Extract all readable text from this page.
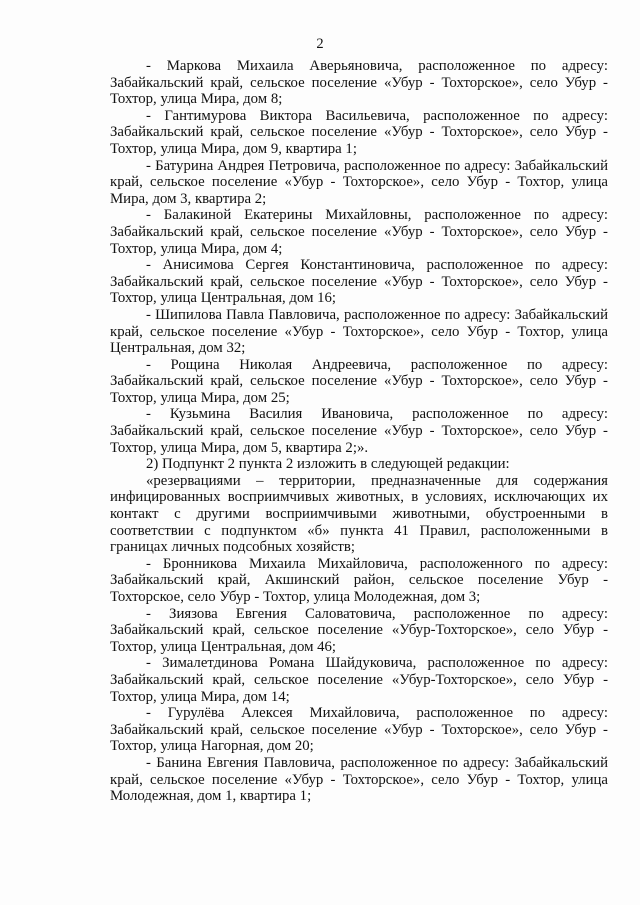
2

- Маркова Михаила Аверьяновича, расположенное по адресу: Забайкальский край, сельское поселение «Убур - Тохторское», село Убур - Тохтор, улица Мира, дом 8;

- Гантимурова Виктора Васильевича, расположенное по адресу: Забайкальский край, сельское поселение «Убур - Тохторское», село Убур - Тохтор, улица Мира, дом 9, квартира 1;

- Батурина Андрея Петровича, расположенное по адресу: Забайкальский край, сельское поселение «Убур - Тохторское», село Убур - Тохтор, улица Мира, дом 3, квартира 2;

- Балакиной Екатерины Михайловны, расположенное по адресу: Забайкальский край, сельское поселение «Убур - Тохторское», село Убур - Тохтор, улица Мира, дом 4;

- Анисимова Сергея Константиновича, расположенное по адресу: Забайкальский край, сельское поселение «Убур - Тохторское», село Убур - Тохтор, улица Центральная, дом 16;

- Шипилова Павла Павловича, расположенное по адресу: Забайкальский край, сельское поселение «Убур - Тохторское», село Убур - Тохтор, улица Центральная, дом 32;

- Рощина Николая Андреевича, расположенное по адресу: Забайкальский край, сельское поселение «Убур - Тохторское», село Убур - Тохтор, улица Мира, дом 25;

- Кузьмина Василия Ивановича, расположенное по адресу: Забайкальский край, сельское поселение «Убур - Тохторское», село Убур - Тохтор, улица Мира, дом 5, квартира 2;».

2) Подпункт 2 пункта 2 изложить в следующей редакции:

«резервациями – территории, предназначенные для содержания инфицированных восприимчивых животных, в условиях, исключающих их контакт с другими восприимчивыми животными, обустроенными в соответствии с подпунктом «б» пункта 41 Правил, расположенными в границах личных подсобных хозяйств;

- Бронникова Михаила Михайловича, расположенного по адресу: Забайкальский край, Акшинский район, сельское поселение Убур - Тохторское, село Убур - Тохтор, улица Молодежная, дом 3;

- Зиязова Евгения Саловатовича, расположенное по адресу: Забайкальский край, сельское поселение «Убур-Тохторское», село Убур - Тохтор, улица Центральная, дом 46;

- Зималетдинова Романа Шайдуковича, расположенное по адресу: Забайкальский край, сельское поселение «Убур-Тохторское», село Убур - Тохтор, улица Мира, дом 14;

- Гурулёва Алексея Михайловича, расположенное по адресу: Забайкальский край, сельское поселение «Убур - Тохторское», село Убур - Тохтор, улица Нагорная, дом 20;

- Банина Евгения Павловича, расположенное по адресу: Забайкальский край, сельское поселение «Убур - Тохторское», село Убур - Тохтор, улица Молодежная, дом 1, квартира 1;
